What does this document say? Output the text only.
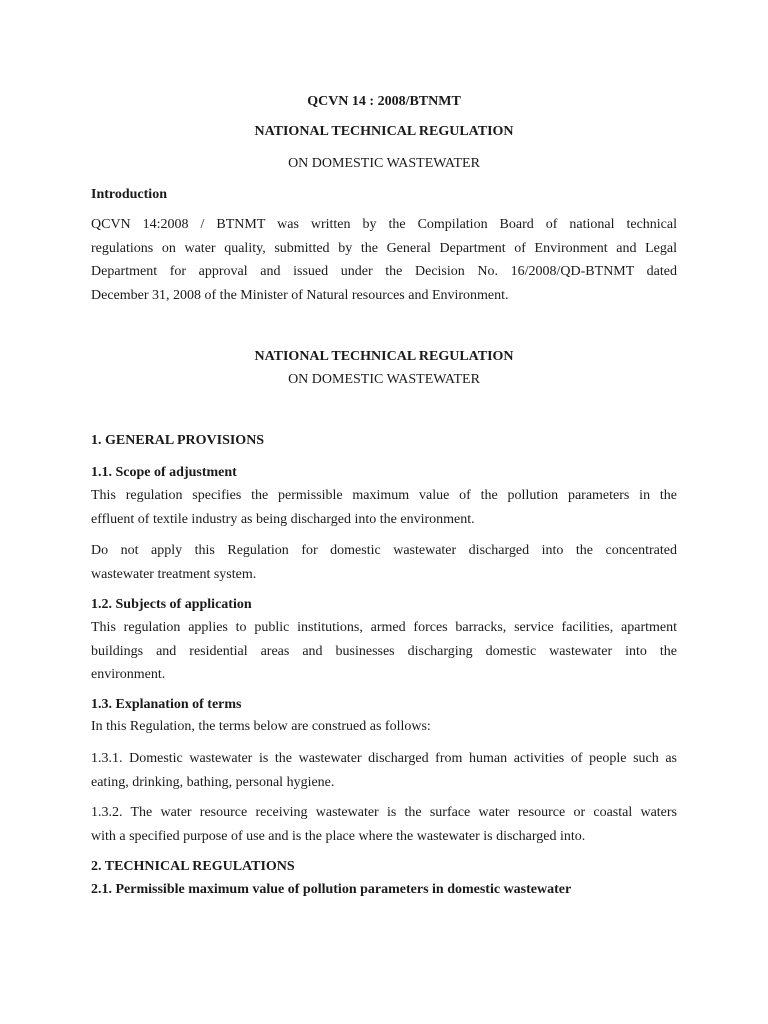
QCVN 14 : 2008/BTNMT
NATIONAL TECHNICAL REGULATION
ON DOMESTIC WASTEWATER
Introduction
QCVN 14:2008 / BTNMT was written by the Compilation Board of national technical
regulations on water quality, submitted by the General Department of Environment and Legal
Department for approval and issued under the Decision No. 16/2008/QD-BTNMT dated
December 31, 2008 of the Minister of Natural resources and Environment.
NATIONAL TECHNICAL REGULATION
ON DOMESTIC WASTEWATER
1. GENERAL PROVISIONS
1.1. Scope of adjustment
This regulation specifies the permissible maximum value of the pollution parameters in the
effluent of textile industry as being discharged into the environment.
Do not apply this Regulation for domestic wastewater discharged into the concentrated
wastewater treatment system.
1.2. Subjects of application
This regulation applies to public institutions, armed forces barracks, service facilities, apartment
buildings and residential areas and businesses discharging domestic wastewater into the
environment.
1.3. Explanation of terms
In this Regulation, the terms below are construed as follows:
1.3.1. Domestic wastewater is the wastewater discharged from human activities of people such as
eating, drinking, bathing, personal hygiene.
1.3.2. The water resource receiving wastewater is the surface water resource or coastal waters
with a specified purpose of use and is the place where the wastewater is discharged into.
2. TECHNICAL REGULATIONS
2.1. Permissible maximum value of pollution parameters in domestic wastewater
